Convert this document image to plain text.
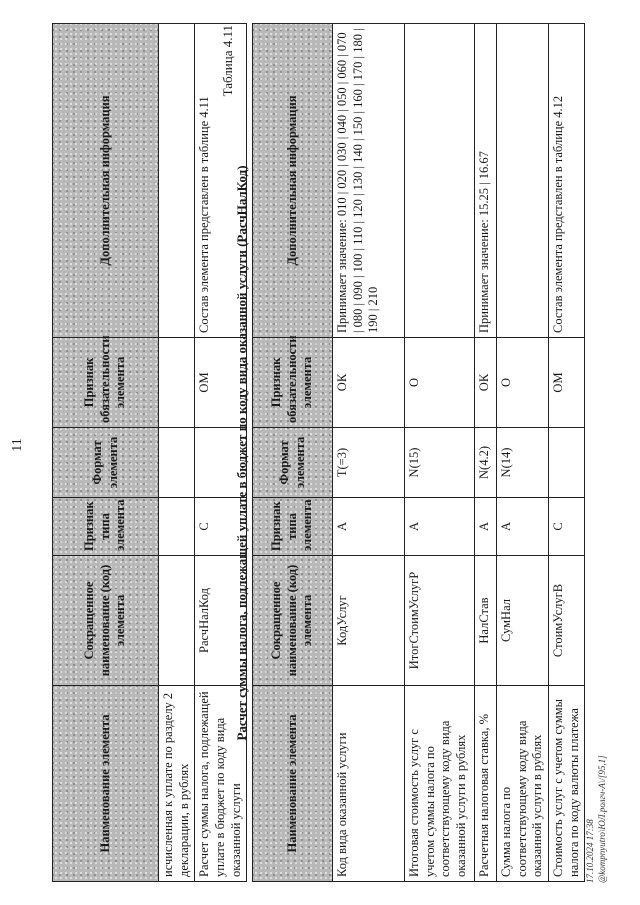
11
Наименование элемента	Сокращенное наименование (код) элемента	Признак типа элемента	Формат элемента	Признак обязательности элемента	Дополнительная информация
исчисленная к уплате по разделу 2 декларации, в рублях					
Расчет суммы налога, подлежащей уплате в бюджет по коду вида оказанной услуги	РасчНалКод	С		ОМ	Состав элемента представлен в таблице 4.11
Таблица 4.11
Расчет суммы налога, подлежащей уплате в бюджет по коду вида оказанной услуги (РасчНалКод)
Наименование элемента	Сокращенное наименование (код) элемента	Признак типа элемента	Формат элемента	Признак обязательности элемента	Дополнительная информация
Код вида оказанной услуги	КодУслуг	А	T(=3)	ОК	Принимает значение: 010 | 020 | 030 | 040 | 050 | 060 | 070 | 080 | 090 | 100 | 110 | 120 | 130 | 140 | 150 | 160 | 170 | 180 | 190 | 210
Итоговая стоимость услуг с учетом суммы налога по соответствующему коду вида оказанной услуги в рублях	ИтогСтоимУслугР	А	N(15)	О	
Расчетная налоговая ставка, %	НалСтав	А	N(4.2)	ОК	Принимает значение: 15.25 | 16.67
Сумма налога по соответствующему коду вида оказанной услуги в рублях	СумНал	А	N(14)	О	
Стоимость услуг с учетом суммы налога по коду валюты платежа	СтоимУслугВ	С		ОМ	Состав элемента представлен в таблице 4.12
17.10.2024 17:38 @kompnyutro\ЮЛ.ролгч-А\/[95,1]
